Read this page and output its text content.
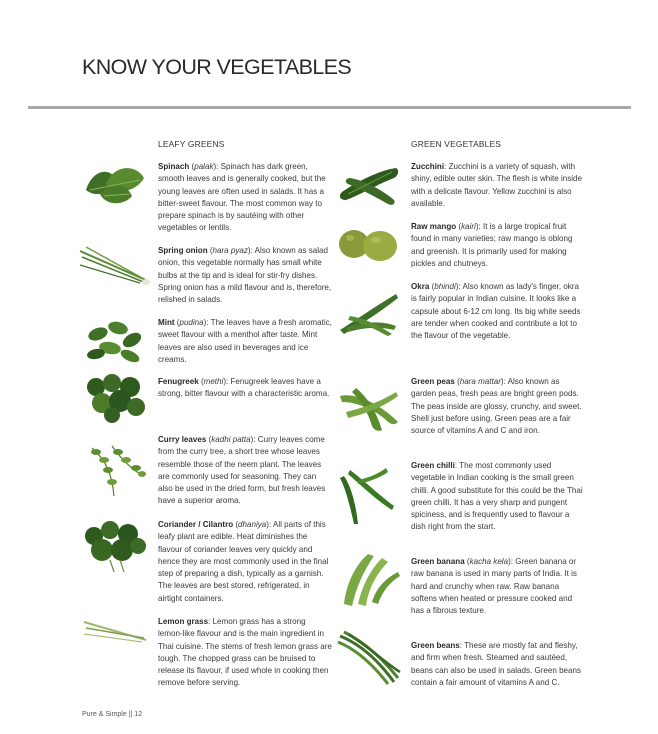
KNOW YOUR VEGETABLES
LEAFY GREENS	GREEN VEGETABLES
Spinach (palak): Spinach has dark green, smooth leaves and is generally cooked, but the young leaves are often used in salads. It has a bitter-sweet flavour. The most common way to prepare spinach is by sautéing with other vegetables or lentils.
Spring onion (hara pyaz): Also known as salad onion, this vegetable normally has small white bulbs at the tip and is ideal for stir-fry dishes. Spring onion has a mild flavour and is, therefore, relished in salads.
Mint (pudina): The leaves have a fresh aromatic, sweet flavour with a menthol after taste. Mint leaves are also used in beverages and ice creams.
Fenugreek (methi): Fenugreek leaves have a strong, bitter flavour with a characteristic aroma.
Curry leaves (kadhi patta): Curry leaves come from the curry tree, a short tree whose leaves resemble those of the neem plant. The leaves are commonly used for seasoning. They can also be used in the dried form, but fresh leaves have a superior aroma.
Coriander / Cilantro (dhaniya): All parts of this leafy plant are edible. Heat diminishes the flavour of coriander leaves very quickly and hence they are most commonly used in the final step of preparing a dish, typically as a garnish. The leaves are best stored, refrigerated, in airtight containers.
Lemon grass: Lemon grass has a strong lemon-like flavour and is the main ingredient in Thai cuisine. The stems of fresh lemon grass are tough. The chopped grass can be bruised to release its flavour, if used whole in cooking then remove before serving.
Zucchini: Zucchini is a variety of squash, with shiny, edible outer skin. The flesh is white inside with a delicate flavour. Yellow zucchini is also available.
Raw mango (kairi): It is a large tropical fruit found in many varieties; raw mango is oblong and greenish. It is primarily used for making pickles and chutneys.
Okra (bhindi): Also known as lady's finger, okra is fairly popular in Indian cuisine. It looks like a capsule about 6-12 cm long. Its big white seeds are tender when cooked and contribute a lot to the flavour of the vegetable.
Green peas (hara mattar): Also known as garden peas, fresh peas are bright green pods. The peas inside are glossy, crunchy, and sweet. Shell just before using. Green peas are a fair source of vitamins A and C and iron.
Green chilli: The most commonly used vegetable in Indian cooking is the small green chilli. A good substitute for this could be the Thai green chilli. It has a very sharp and pungent spiciness, and is frequently used to flavour a dish right from the start.
Green banana (kacha kela): Green banana or raw banana is used in many parts of India. It is hard and crunchy when raw. Raw banana softens when heated or pressure cooked and has a fibrous texture.
Green beans: These are mostly fat and fleshy, and firm when fresh. Steamed and sautéed, beans can also be used in salads. Green beans contain a fair amount of vitamins A and C.
Pure & Simple || 12
